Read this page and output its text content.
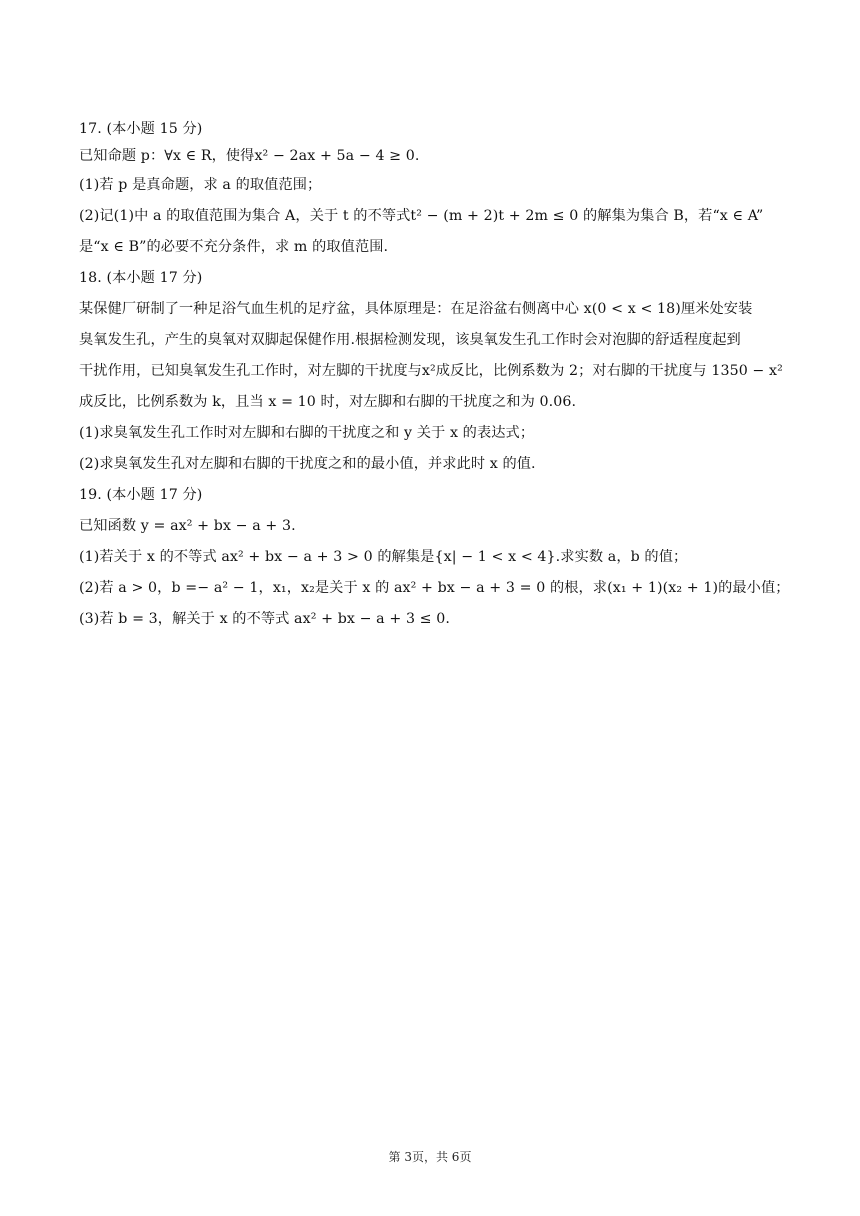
17. (本小题 15 分)
已知命题 p：∀x ∈ R，使得x² − 2ax + 5a − 4 ≥ 0.
(1)若 p 是真命题，求 a 的取值范围；
(2)记(1)中 a 的取值范围为集合 A，关于 t 的不等式t² − (m + 2)t + 2m ≤ 0 的解集为集合 B，若“x ∈ A”
是“x ∈ B”的必要不充分条件，求 m 的取值范围.
18. (本小题 17 分)
某保健厂研制了一种足浴气血生机的足疗盆，具体原理是：在足浴盆右侧离中心 x(0 < x < 18)厘米处安装
臭氧发生孔，产生的臭氧对双脚起保健作用.根据检测发现，该臭氧发生孔工作时会对泡脚的舒适程度起到
干扰作用，已知臭氧发生孔工作时，对左脚的干扰度与x²成反比，比例系数为 2；对右脚的干扰度与 1350 − x²
成反比，比例系数为 k，且当 x = 10 时，对左脚和右脚的干扰度之和为 0.06.
(1)求臭氧发生孔工作时对左脚和右脚的干扰度之和 y 关于 x 的表达式；
(2)求臭氧发生孔对左脚和右脚的干扰度之和的最小值，并求此时 x 的值.
19. (本小题 17 分)
已知函数 y = ax² + bx − a + 3.
(1)若关于 x 的不等式 ax² + bx − a + 3 > 0 的解集是{x| − 1 < x < 4}.求实数 a，b 的值；
(2)若 a > 0，b =− a² − 1，x₁，x₂是关于 x 的 ax² + bx − a + 3 = 0 的根，求(x₁ + 1)(x₂ + 1)的最小值；
(3)若 b = 3，解关于 x 的不等式 ax² + bx − a + 3 ≤ 0.
第 3页，共 6页
